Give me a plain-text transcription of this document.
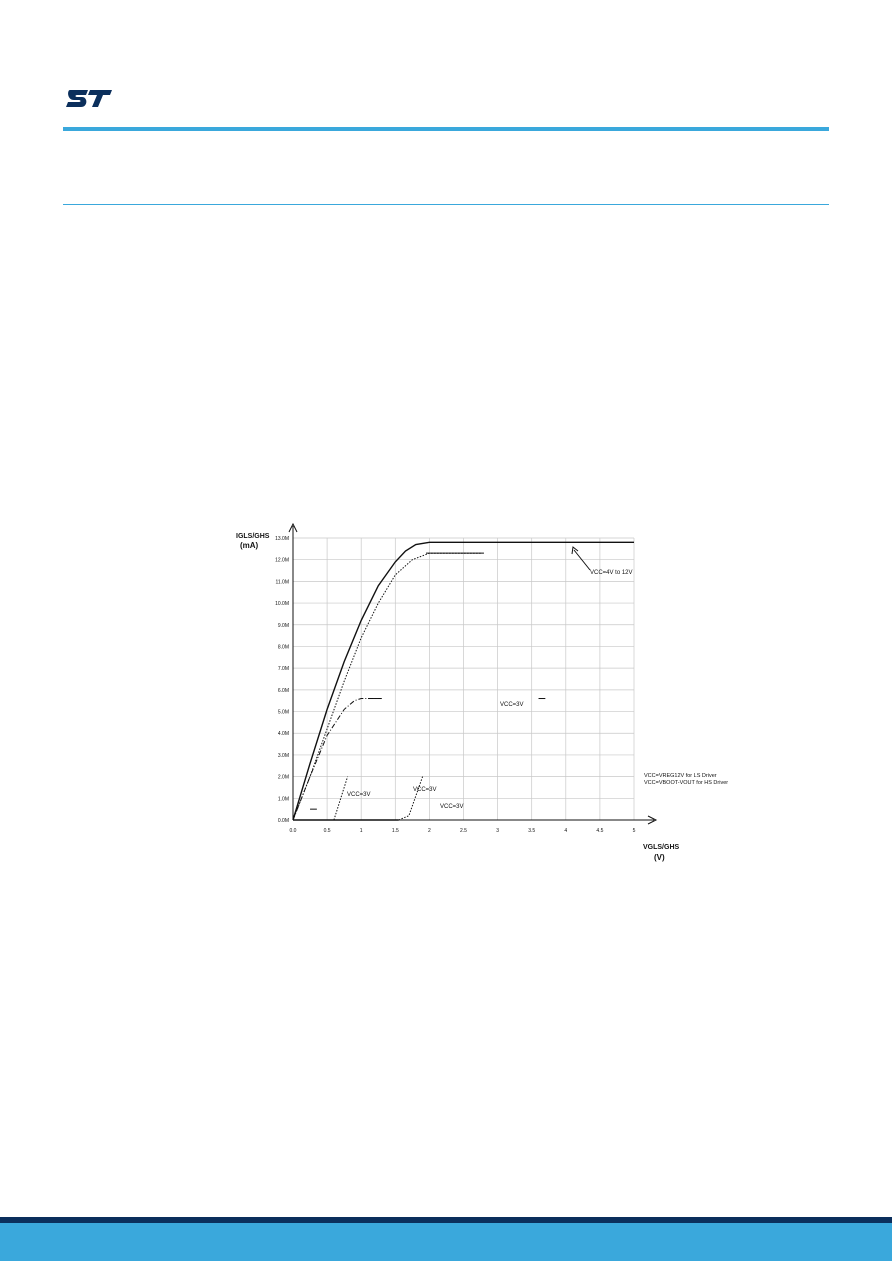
0.0	0.5	1	1.5	2	2.5	3	3.5	4	4.5	5
0.0M
1.0M
2.0M
3.0M
4.0M
5.0M
6.0M
7.0M
8.0M
9.0M
10.0M
11.0M
12.0M
13.0M
IGLS/GHS
(mA)
VGLS/GHS
(V)
VCC=4V to 12V
VCC=3V
VCC=3V
VCC=3V
VCC=3V
VCC=VREG12V for LS Driver
VCC=VBOOT-VOUT for HS Driver
